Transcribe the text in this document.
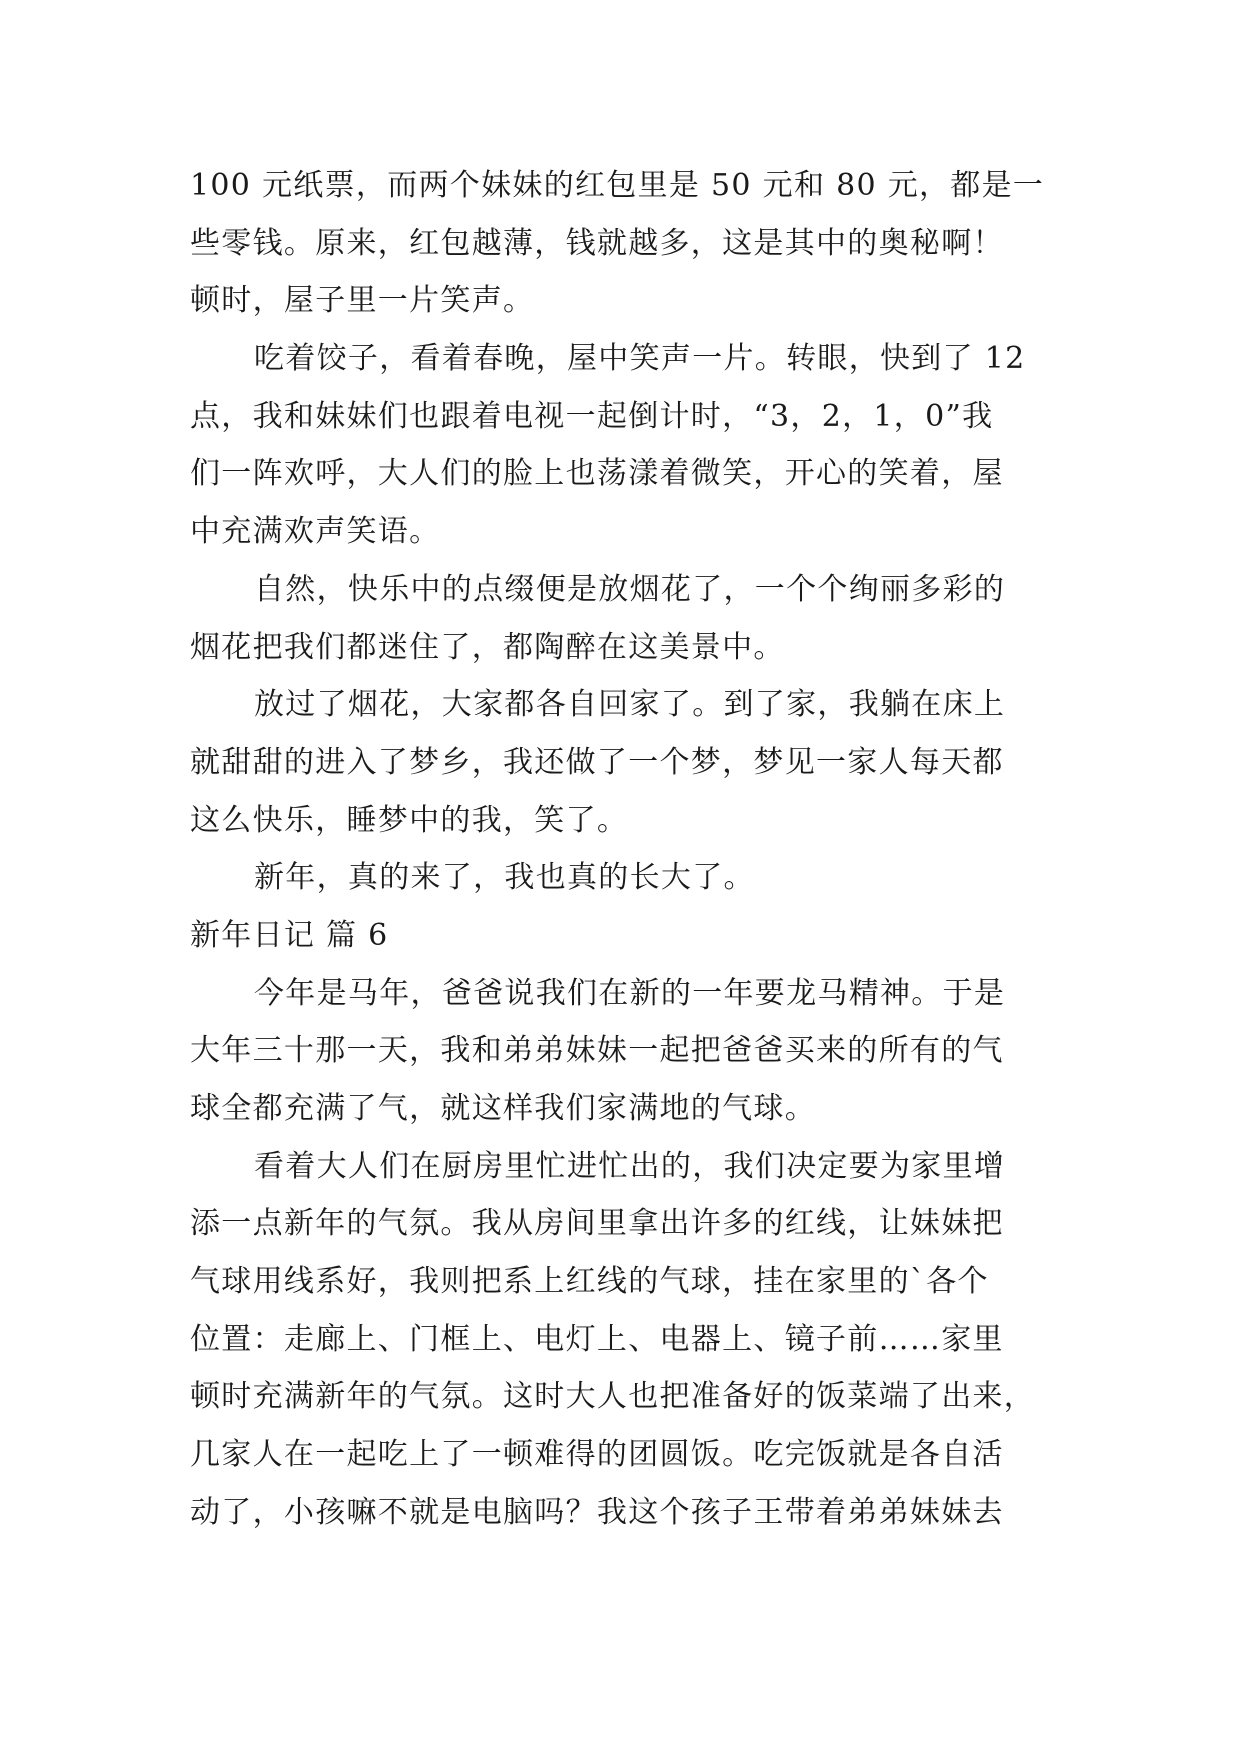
100 元纸票，而两个妹妹的红包里是 50 元和 80 元，都是一
些零钱。原来，红包越薄，钱就越多，这是其中的奥秘啊！
顿时，屋子里一片笑声。
吃着饺子，看着春晚，屋中笑声一片。转眼，快到了 12
点，我和妹妹们也跟着电视一起倒计时，“3，2，1，0”我
们一阵欢呼，大人们的脸上也荡漾着微笑，开心的笑着，屋
中充满欢声笑语。
自然，快乐中的点缀便是放烟花了，一个个绚丽多彩的
烟花把我们都迷住了，都陶醉在这美景中。
放过了烟花，大家都各自回家了。到了家，我躺在床上
就甜甜的进入了梦乡，我还做了一个梦，梦见一家人每天都
这么快乐，睡梦中的我，笑了。
新年，真的来了，我也真的长大了。
新年日记 篇 6
今年是马年，爸爸说我们在新的一年要龙马精神。于是
大年三十那一天，我和弟弟妹妹一起把爸爸买来的所有的气
球全都充满了气，就这样我们家满地的气球。
看着大人们在厨房里忙进忙出的，我们决定要为家里增
添一点新年的气氛。我从房间里拿出许多的红线，让妹妹把
气球用线系好，我则把系上红线的气球，挂在家里的`各个
位置：走廊上、门框上、电灯上、电器上、镜子前……家里
顿时充满新年的气氛。这时大人也把准备好的饭菜端了出来，
几家人在一起吃上了一顿难得的团圆饭。吃完饭就是各自活
动了，小孩嘛不就是电脑吗？我这个孩子王带着弟弟妹妹去
